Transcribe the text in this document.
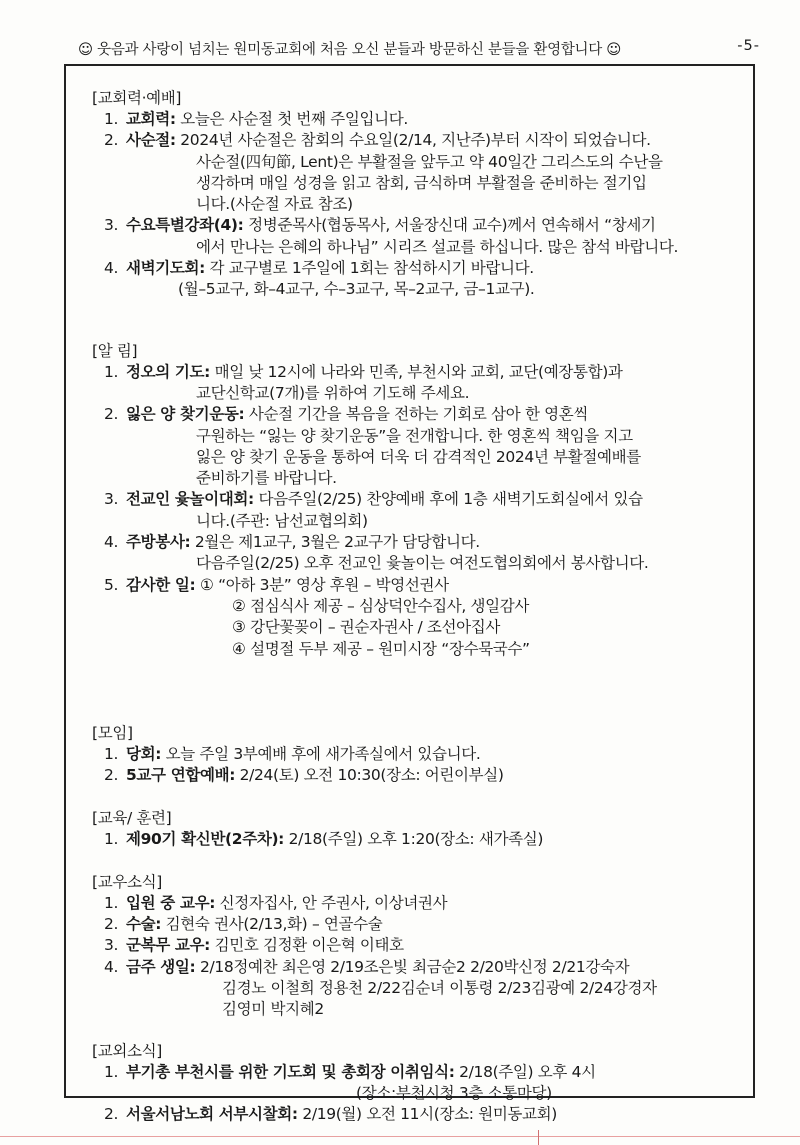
☺ 웃음과 사랑이 넘치는 원미동교회에 처음 오신 분들과 방문하신 분들을 환영합니다 ☺	-5-
[교회력·예배]
1. 교회력: 오늘은 사순절 첫 번째 주일입니다.
2. 사순절: 2024년 사순절은 참회의 수요일(2/14, 지난주)부터 시작이 되었습니다.
사순절(四旬節, Lent)은 부활절을 앞두고 약 40일간 그리스도의 수난을
생각하며 매일 성경을 읽고 참회, 금식하며 부활절을 준비하는 절기입
니다.(사순절 자료 참조)
3. 수요특별강좌(4): 정병준목사(협동목사, 서울장신대 교수)께서 연속해서 “창세기
에서 만나는 은혜의 하나님” 시리즈 설교를 하십니다. 많은 참석 바랍니다.
4. 새벽기도회: 각 교구별로 1주일에 1회는 참석하시기 바랍니다.
(월–5교구, 화–4교구, 수–3교구, 목–2교구, 금–1교구).
[알 림]
1. 정오의 기도: 매일 낮 12시에 나라와 민족, 부천시와 교회, 교단(예장통합)과
교단신학교(7개)를 위하여 기도해 주세요.
2. 잃은 양 찾기운동: 사순절 기간을 복음을 전하는 기회로 삼아 한 영혼씩
구원하는 “잃는 양 찾기운동”을 전개합니다. 한 영혼씩 책임을 지고
잃은 양 찾기 운동을 통하여 더욱 더 감격적인 2024년 부활절예배를
준비하기를 바랍니다.
3. 전교인 윷놀이대회: 다음주일(2/25) 찬양예배 후에 1층 새벽기도회실에서 있습
니다.(주관: 남선교협의회)
4. 주방봉사: 2월은 제1교구, 3월은 2교구가 담당합니다.
다음주일(2/25) 오후 전교인 윷놀이는 여전도협의회에서 봉사합니다.
5. 감사한 일: ① “아하 3분” 영상 후원 – 박영선권사
② 점심식사 제공 – 심상덕안수집사, 생일감사
③ 강단꽃꽂이 – 권순자권사 / 조선아집사
④ 설명절 두부 제공 – 원미시장 “장수묵국수”
[모임]
1. 당회: 오늘 주일 3부예배 후에 새가족실에서 있습니다.
2. 5교구 연합예배: 2/24(토) 오전 10:30(장소: 어린이부실)
[교육/ 훈련]
1. 제90기 확신반(2주차): 2/18(주일) 오후 1:20(장소: 새가족실)
[교우소식]
1. 입원 중 교우: 신정자집사, 안 주권사, 이상녀권사
2. 수술: 김현숙 권사(2/13,화) – 연골수술
3. 군복무 교우: 김민호 김정환 이은혁 이태호
4. 금주 생일: 2/18정예찬 최은영 2/19조은빛 최금순2 2/20박신정 2/21강숙자
김경노 이철희 정용천 2/22김순녀 이통령 2/23김광예 2/24강경자
김영미 박지혜2
[교외소식]
1. 부기총 부천시를 위한 기도회 및 총회장 이취임식: 2/18(주일) 오후 4시
(장소:부천시청 3층 소통마당)
2. 서울서남노회 서부시찰회: 2/19(월) 오전 11시(장소: 원미동교회)
